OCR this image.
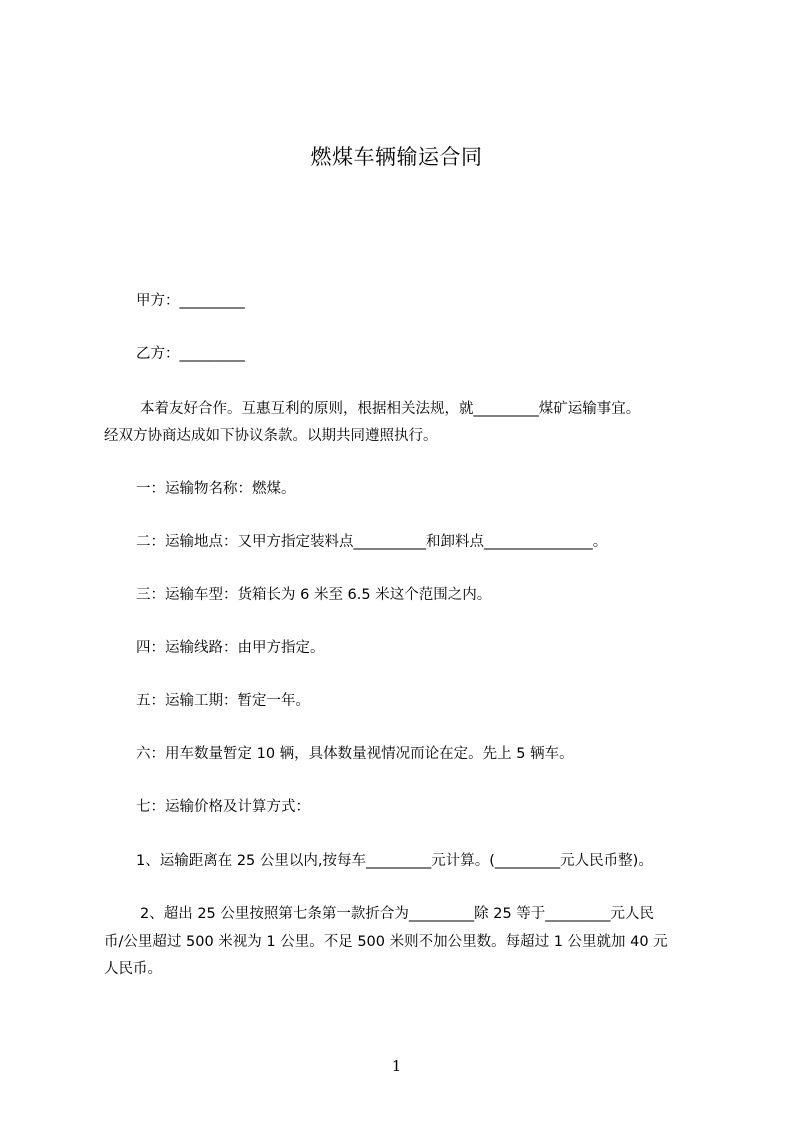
燃煤车辆输运合同
甲方：_________
乙方：_________
本着友好合作。互惠互利的原则，根据相关法规，就_________煤矿运输事宜。
经双方协商达成如下协议条款。以期共同遵照执行。
一：运输物名称：燃煤。
二：运输地点：又甲方指定装料点__________和卸料点_______________。
三：运输车型：货箱长为 6 米至 6.5 米这个范围之内。
四：运输线路：由甲方指定。
五：运输工期：暂定一年。
六：用车数量暂定 10 辆，具体数量视情况而论在定。先上 5 辆车。
七：运输价格及计算方式：
1、运输距离在 25 公里以内,按每车_________元计算。(_________元人民币整)。
2、超出 25 公里按照第七条第一款折合为_________除 25 等于_________元人民
币/公里超过 500 米视为 1 公里。不足 500 米则不加公里数。每超过 1 公里就加 40 元
人民币。
1
